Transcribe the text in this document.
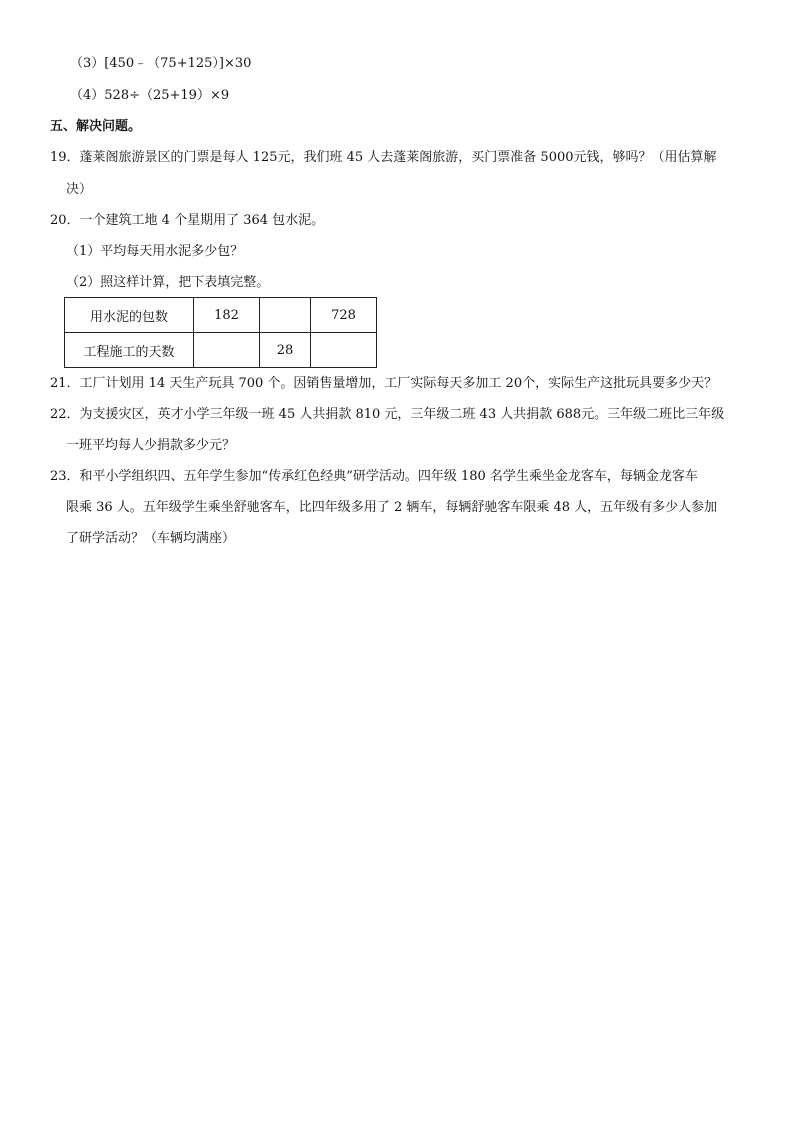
（3）[450﹣（75+125）]×30
（4）528÷（25+19）×9
五、解决问题。
19．蓬莱阁旅游景区的门票是每人 125元，我们班 45 人去蓬莱阁旅游，买门票准备 5000元钱，够吗？（用估算解
决）
20．一个建筑工地 4 个星期用了 364 包水泥。
（1）平均每天用水泥多少包？
（2）照这样计算，把下表填完整。
用水泥的包数	182		728
工程施工的天数		28	
21．工厂计划用 14 天生产玩具 700 个。因销售量增加，工厂实际每天多加工 20个，实际生产这批玩具要多少天？
22．为支援灾区，英才小学三年级一班 45 人共捐款 810 元，三年级二班 43 人共捐款 688元。三年级二班比三年级
一班平均每人少捐款多少元？
23．和平小学组织四、五年学生参加“传承红色经典”研学活动。四年级 180 名学生乘坐金龙客车，每辆金龙客车
限乘 36 人。五年级学生乘坐舒驰客车，比四年级多用了 2 辆车，每辆舒驰客车限乘 48 人，五年级有多少人参加
了研学活动？（车辆均满座）
